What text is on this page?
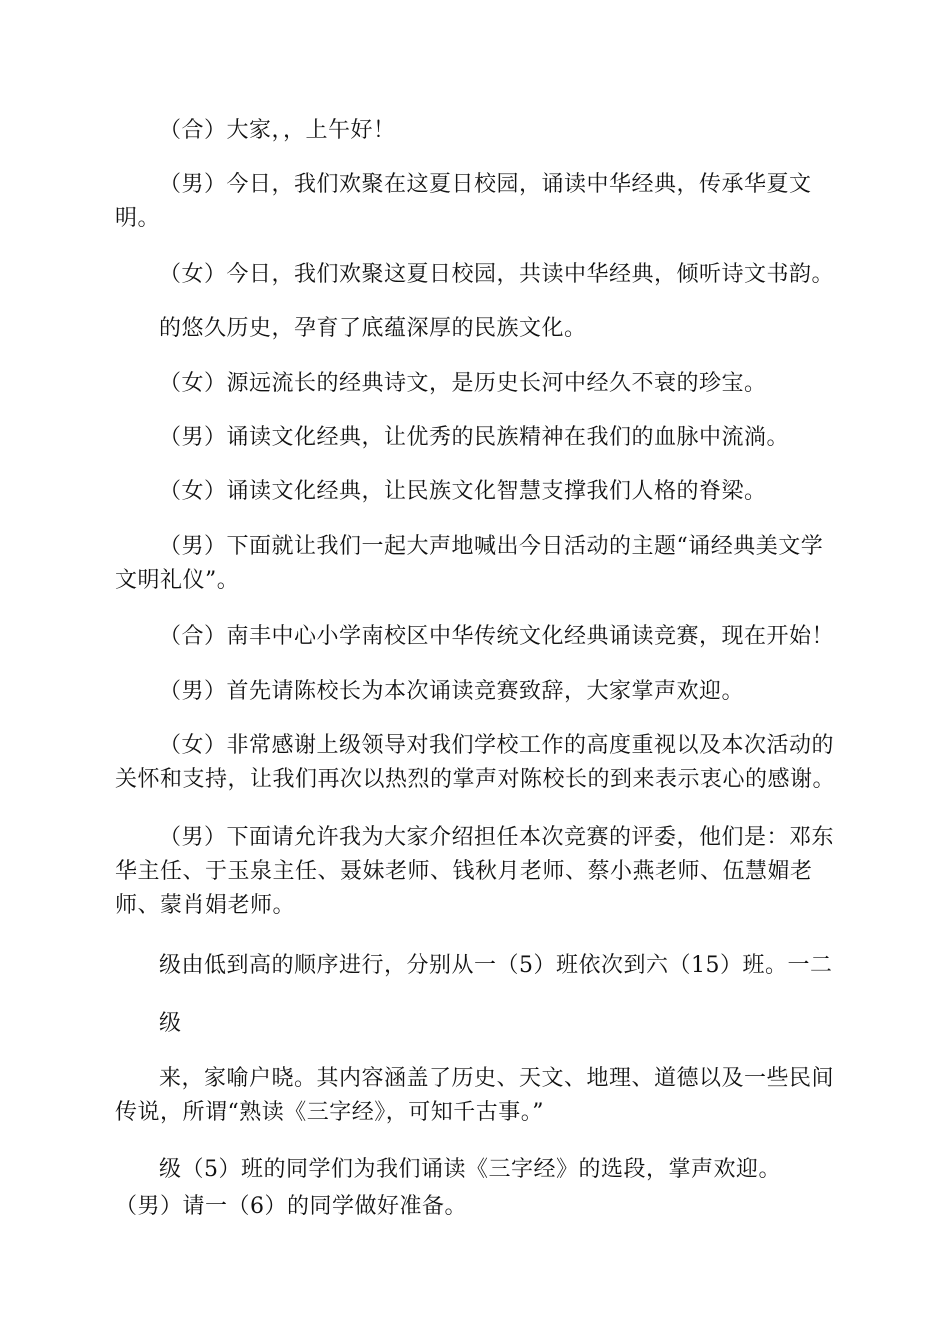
（合）大家，，上午好！

（男）今日，我们欢聚在这夏日校园，诵读中华经典，传承华夏文明。

（女）今日，我们欢聚这夏日校园，共读中华经典，倾听诗文书韵。

的悠久历史，孕育了底蕴深厚的民族文化。

（女）源远流长的经典诗文，是历史长河中经久不衰的珍宝。

（男）诵读文化经典，让优秀的民族精神在我们的血脉中流淌。

（女）诵读文化经典，让民族文化智慧支撑我们人格的脊梁。

（男）下面就让我们一起大声地喊出今日活动的主题“诵经典美文学文明礼仪”。

（合）南丰中心小学南校区中华传统文化经典诵读竞赛，现在开始！

（男）首先请陈校长为本次诵读竞赛致辞，大家掌声欢迎。

（女）非常感谢上级领导对我们学校工作的高度重视以及本次活动的关怀和支持，让我们再次以热烈的掌声对陈校长的到来表示衷心的感谢。

（男）下面请允许我为大家介绍担任本次竞赛的评委，他们是：邓东华主任、于玉泉主任、聂妹老师、钱秋月老师、蔡小燕老师、伍慧媚老师、蒙肖娟老师。

级由低到高的顺序进行，分别从一（5）班依次到六（15）班。一二

级

来，家喻户晓。其内容涵盖了历史、天文、地理、道德以及一些民间传说，所谓“熟读《三字经》，可知千古事。”

级（5）班的同学们为我们诵读《三字经》的选段，掌声欢迎。

（男）请一（6）的同学做好准备。
